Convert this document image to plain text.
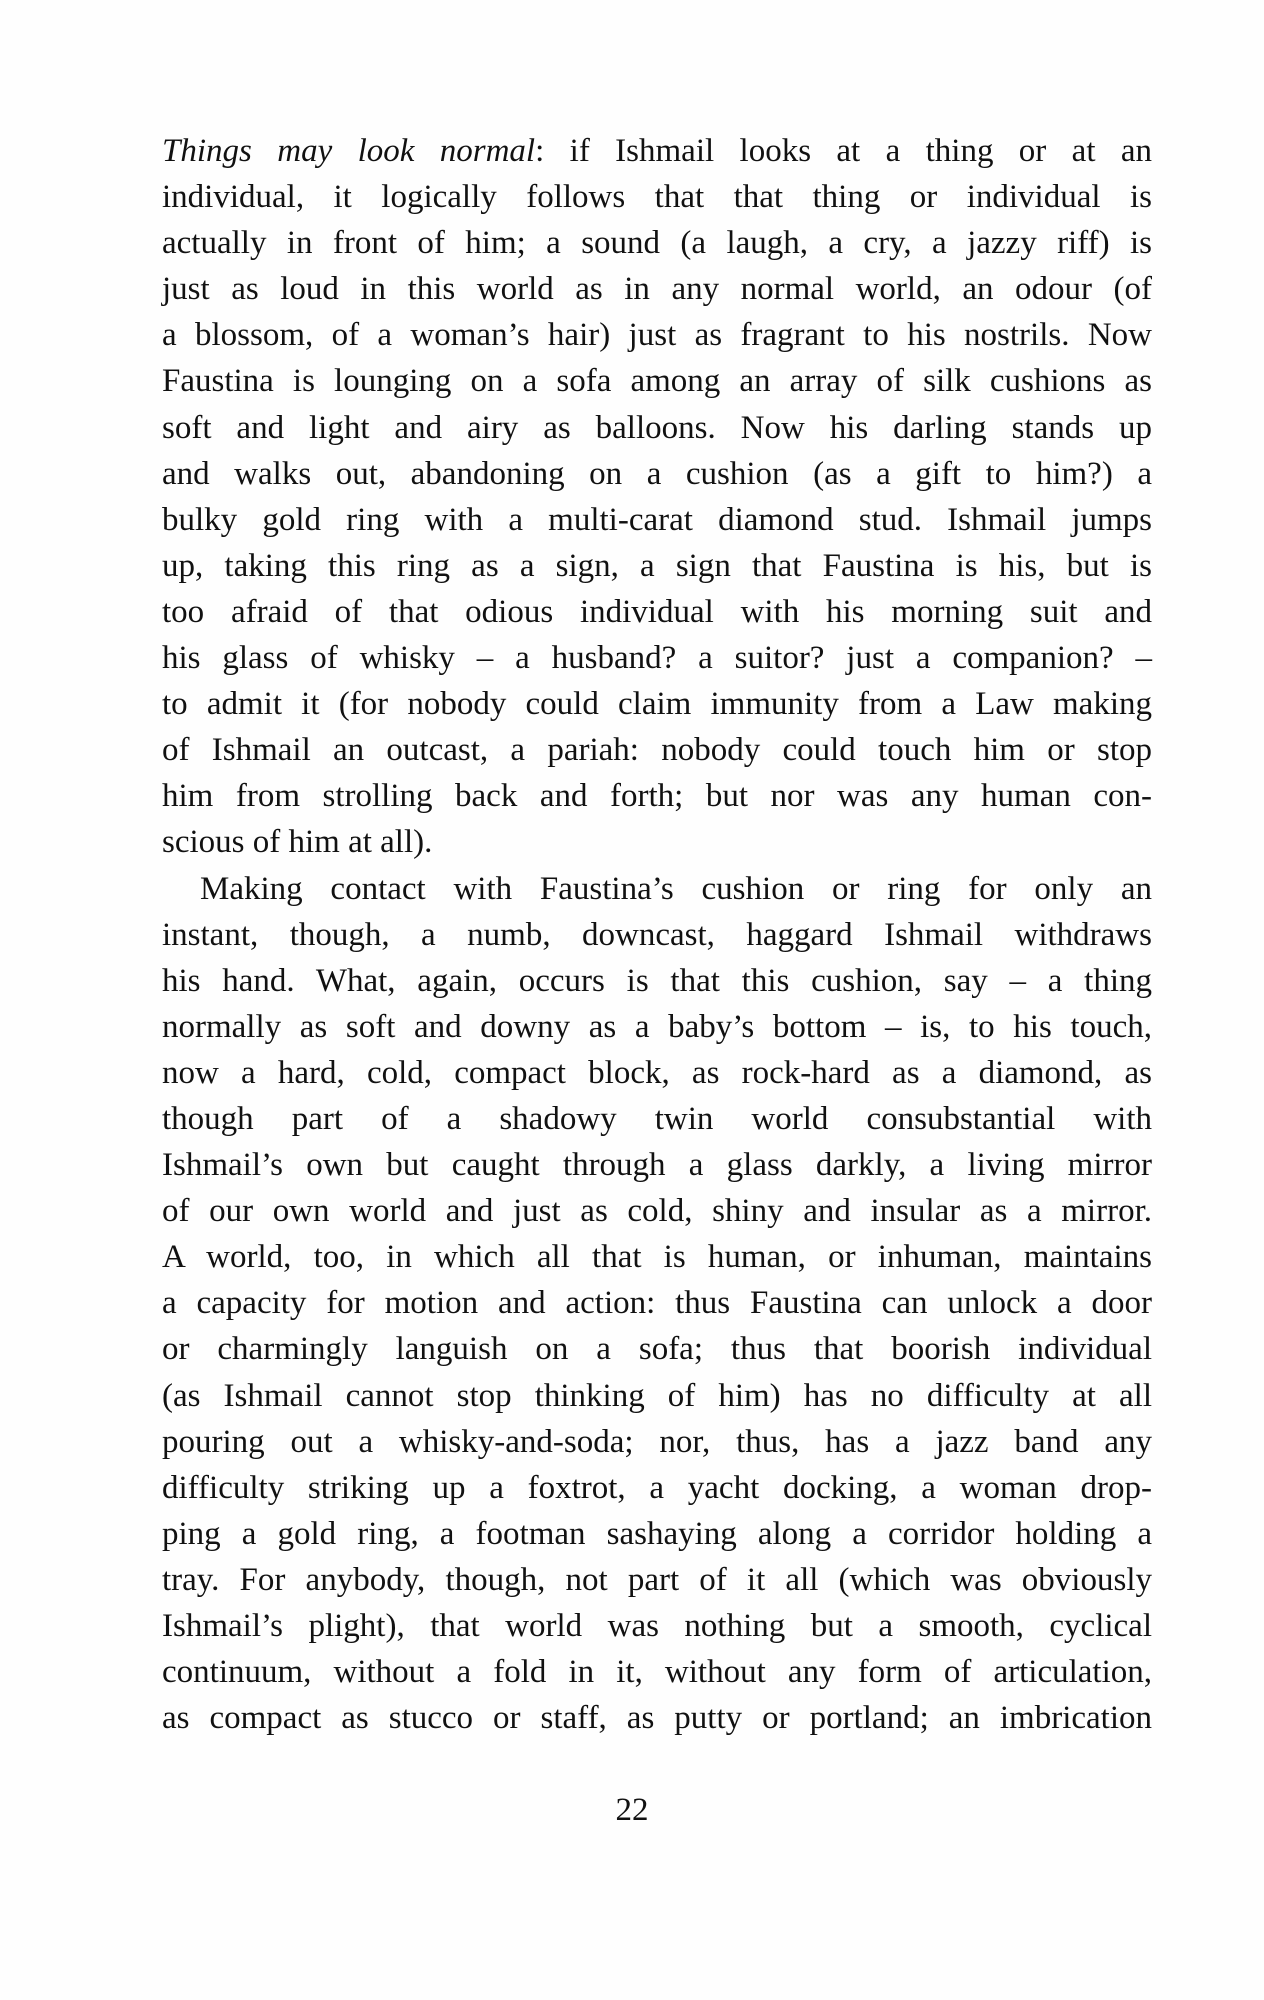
Things may look normal: if Ishmail looks at a thing or at an

individual, it logically follows that that thing or individual is

actually in front of him; a sound (a laugh, a cry, a jazzy riff) is

just as loud in this world as in any normal world, an odour (of

a blossom, of a woman’s hair) just as fragrant to his nostrils. Now

Faustina is lounging on a sofa among an array of silk cushions as

soft and light and airy as balloons. Now his darling stands up

and walks out, abandoning on a cushion (as a gift to him?) a

bulky gold ring with a multi-carat diamond stud. Ishmail jumps

up, taking this ring as a sign, a sign that Faustina is his, but is

too afraid of that odious individual with his morning suit and

his glass of whisky – a husband? a suitor? just a companion? –

to admit it (for nobody could claim immunity from a Law making

of Ishmail an outcast, a pariah: nobody could touch him or stop

him from strolling back and forth; but nor was any human con-

scious of him at all).

Making contact with Faustina’s cushion or ring for only an

instant, though, a numb, downcast, haggard Ishmail withdraws

his hand. What, again, occurs is that this cushion, say – a thing

normally as soft and downy as a baby’s bottom – is, to his touch,

now a hard, cold, compact block, as rock-hard as a diamond, as

though part of a shadowy twin world consubstantial with

Ishmail’s own but caught through a glass darkly, a living mirror

of our own world and just as cold, shiny and insular as a mirror.

A world, too, in which all that is human, or inhuman, maintains

a capacity for motion and action: thus Faustina can unlock a door

or charmingly languish on a sofa; thus that boorish individual

(as Ishmail cannot stop thinking of him) has no difficulty at all

pouring out a whisky-and-soda; nor, thus, has a jazz band any

difficulty striking up a foxtrot, a yacht docking, a woman drop-

ping a gold ring, a footman sashaying along a corridor holding a

tray. For anybody, though, not part of it all (which was obviously

Ishmail’s plight), that world was nothing but a smooth, cyclical

continuum, without a fold in it, without any form of articulation,

as compact as stucco or staff, as putty or portland; an imbrication

22
